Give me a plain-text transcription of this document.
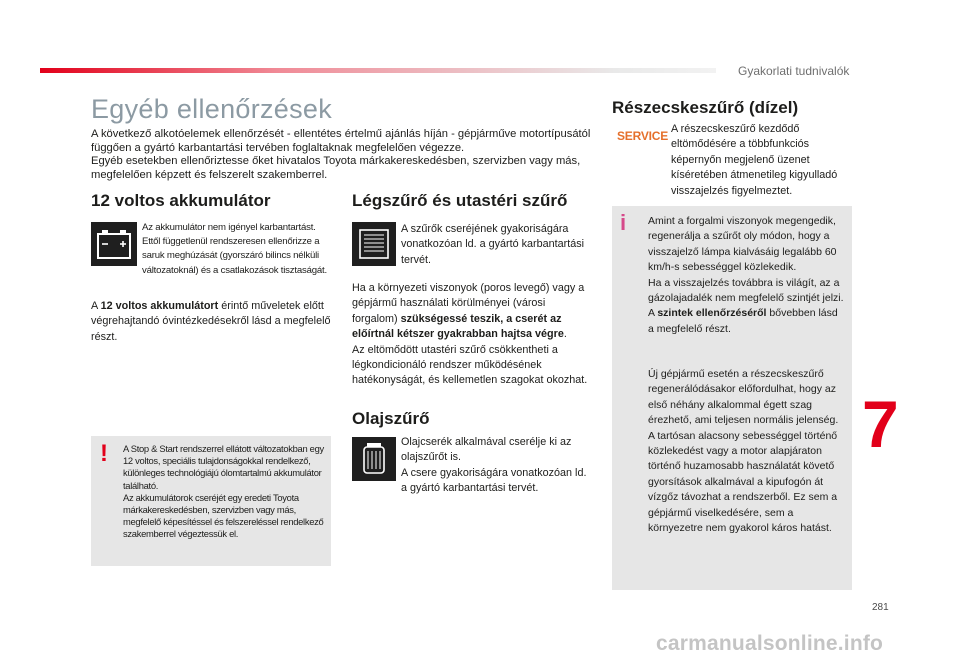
Gyakorlati tudnivalók
Egyéb ellenőrzések

A következő alkotóelemek ellenőrzését - ellentétes értelmű ajánlás híján - gépjárműve motortípusától függően a gyártó karbantartási tervében foglaltaknak megfelelően végezze.
Egyéb esetekben ellenőriztesse őket hivatalos Toyota márkakereskedésben, szervizben vagy más, megfelelően képzett és felszerelt szakemberrel.

12 voltos akkumulátor

Az akkumulátor nem igényel karbantartást. Ettől függetlenül rendszeresen ellenőrizze a saruk meghúzását (gyorszáró bilincs nélküli változatoknál) és a csatlakozások tisztaságát.

A 12 voltos akkumulátort érintő műveletek előtt végrehajtandó óvintézkedésekről lásd a megfelelő részt.

! A Stop & Start rendszerrel ellátott változatokban egy 12 voltos, speciális tulajdonságokkal rendelkező, különleges technológiájú ólomtartalmú akkumulátor található.
Az akkumulátorok cseréjét egy eredeti Toyota márkakereskedésben, szervizben vagy más, megfelelő képesítéssel és felszereléssel rendelkező szakemberrel végeztessük el.

Légszűrő és utastéri szűrő

A szűrők cseréjének gyakoriságára vonatkozóan ld. a gyártó karbantartási tervét.

Ha a környezeti viszonyok (poros levegő) vagy a gépjármű használati körülményei (városi forgalom) szükségessé teszik, a cserét az előírtnál kétszer gyakrabban hajtsa végre.
Az eltömődött utastéri szűrő csökkentheti a légkondicionáló rendszer működésének hatékonyságát, és kellemetlen szagokat okozhat.

Olajszűrő

Olajcserék alkalmával cserélje ki az olajszűrőt is.
A csere gyakoriságára vonatkozóan ld. a gyártó karbantartási tervét.

Részecskeszűrő (dízel)
SERVICE A részecskeszűrő kezdődő eltömődésére a többfunkciós képernyőn megjelenő üzenet kíséretében átmenetileg kigyulladó visszajelzés figyelmeztet.

i Amint a forgalmi viszonyok megengedik, regenerálja a szűrőt oly módon, hogy a visszajelző lámpa kialvásáig legalább 60 km/h-s sebességgel közlekedik.
Ha a visszajelzés továbbra is világít, az a gázolajadalék nem megfelelő szintjét jelzi.
A szintek ellenőrzéséről bővebben lásd a megfelelő részt.

Új gépjármű esetén a részecskeszűrő regenerálódásakor előfordulhat, hogy az első néhány alkalommal égett szag érezhető, ami teljesen normális jelenség.
A tartósan alacsony sebességgel történő közlekedést vagy a motor alapjáraton történő huzamosabb használatát követő gyorsítások alkalmával a kipufogón át vízgőz távozhat a rendszerből. Ez sem a gépjármű viselkedésére, sem a környezetre nem gyakorol káros hatást.

7
281
carmanualsonline.info
